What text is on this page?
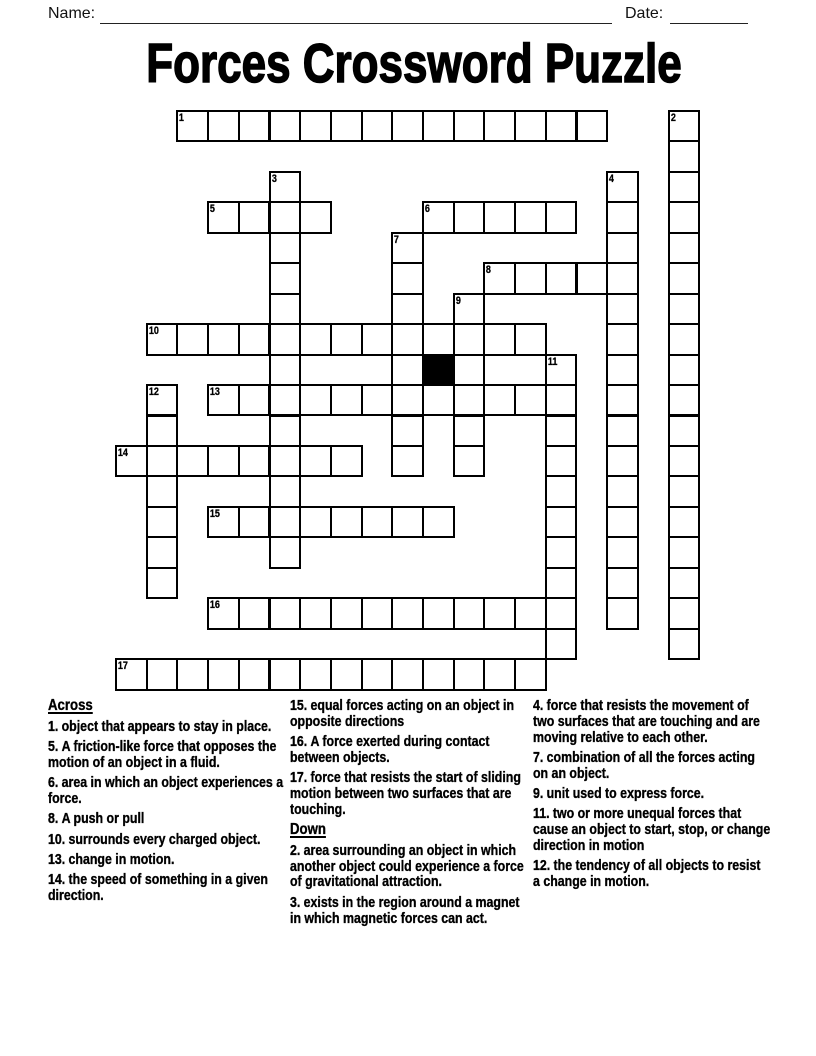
Name:	Date:
Forces Crossword Puzzle
1	2
3	4
5	6
7
8
9
10
11
12	13
14
15
16
17
Across
1. object that appears to stay in place.
5. A friction-like force that opposes the motion of an object in a fluid.
6. area in which an object experiences a force.
8. A push or pull
10. surrounds every charged object.
13. change in motion.
14. the speed of something in a given direction.
15. equal forces acting on an object in opposite directions
16. A force exerted during contact between objects.
17. force that resists the start of sliding motion between two surfaces that are touching.
Down
2. area surrounding an object in which another object could experience a force of gravitational attraction.
3. exists in the region around a magnet in which magnetic forces can act.
4. force that resists the movement of two surfaces that are touching and are moving relative to each other.
7. combination of all the forces acting on an object.
9. unit used to express force.
11. two or more unequal forces that cause an object to start, stop, or change direction in motion
12. the tendency of all objects to resist a change in motion.
